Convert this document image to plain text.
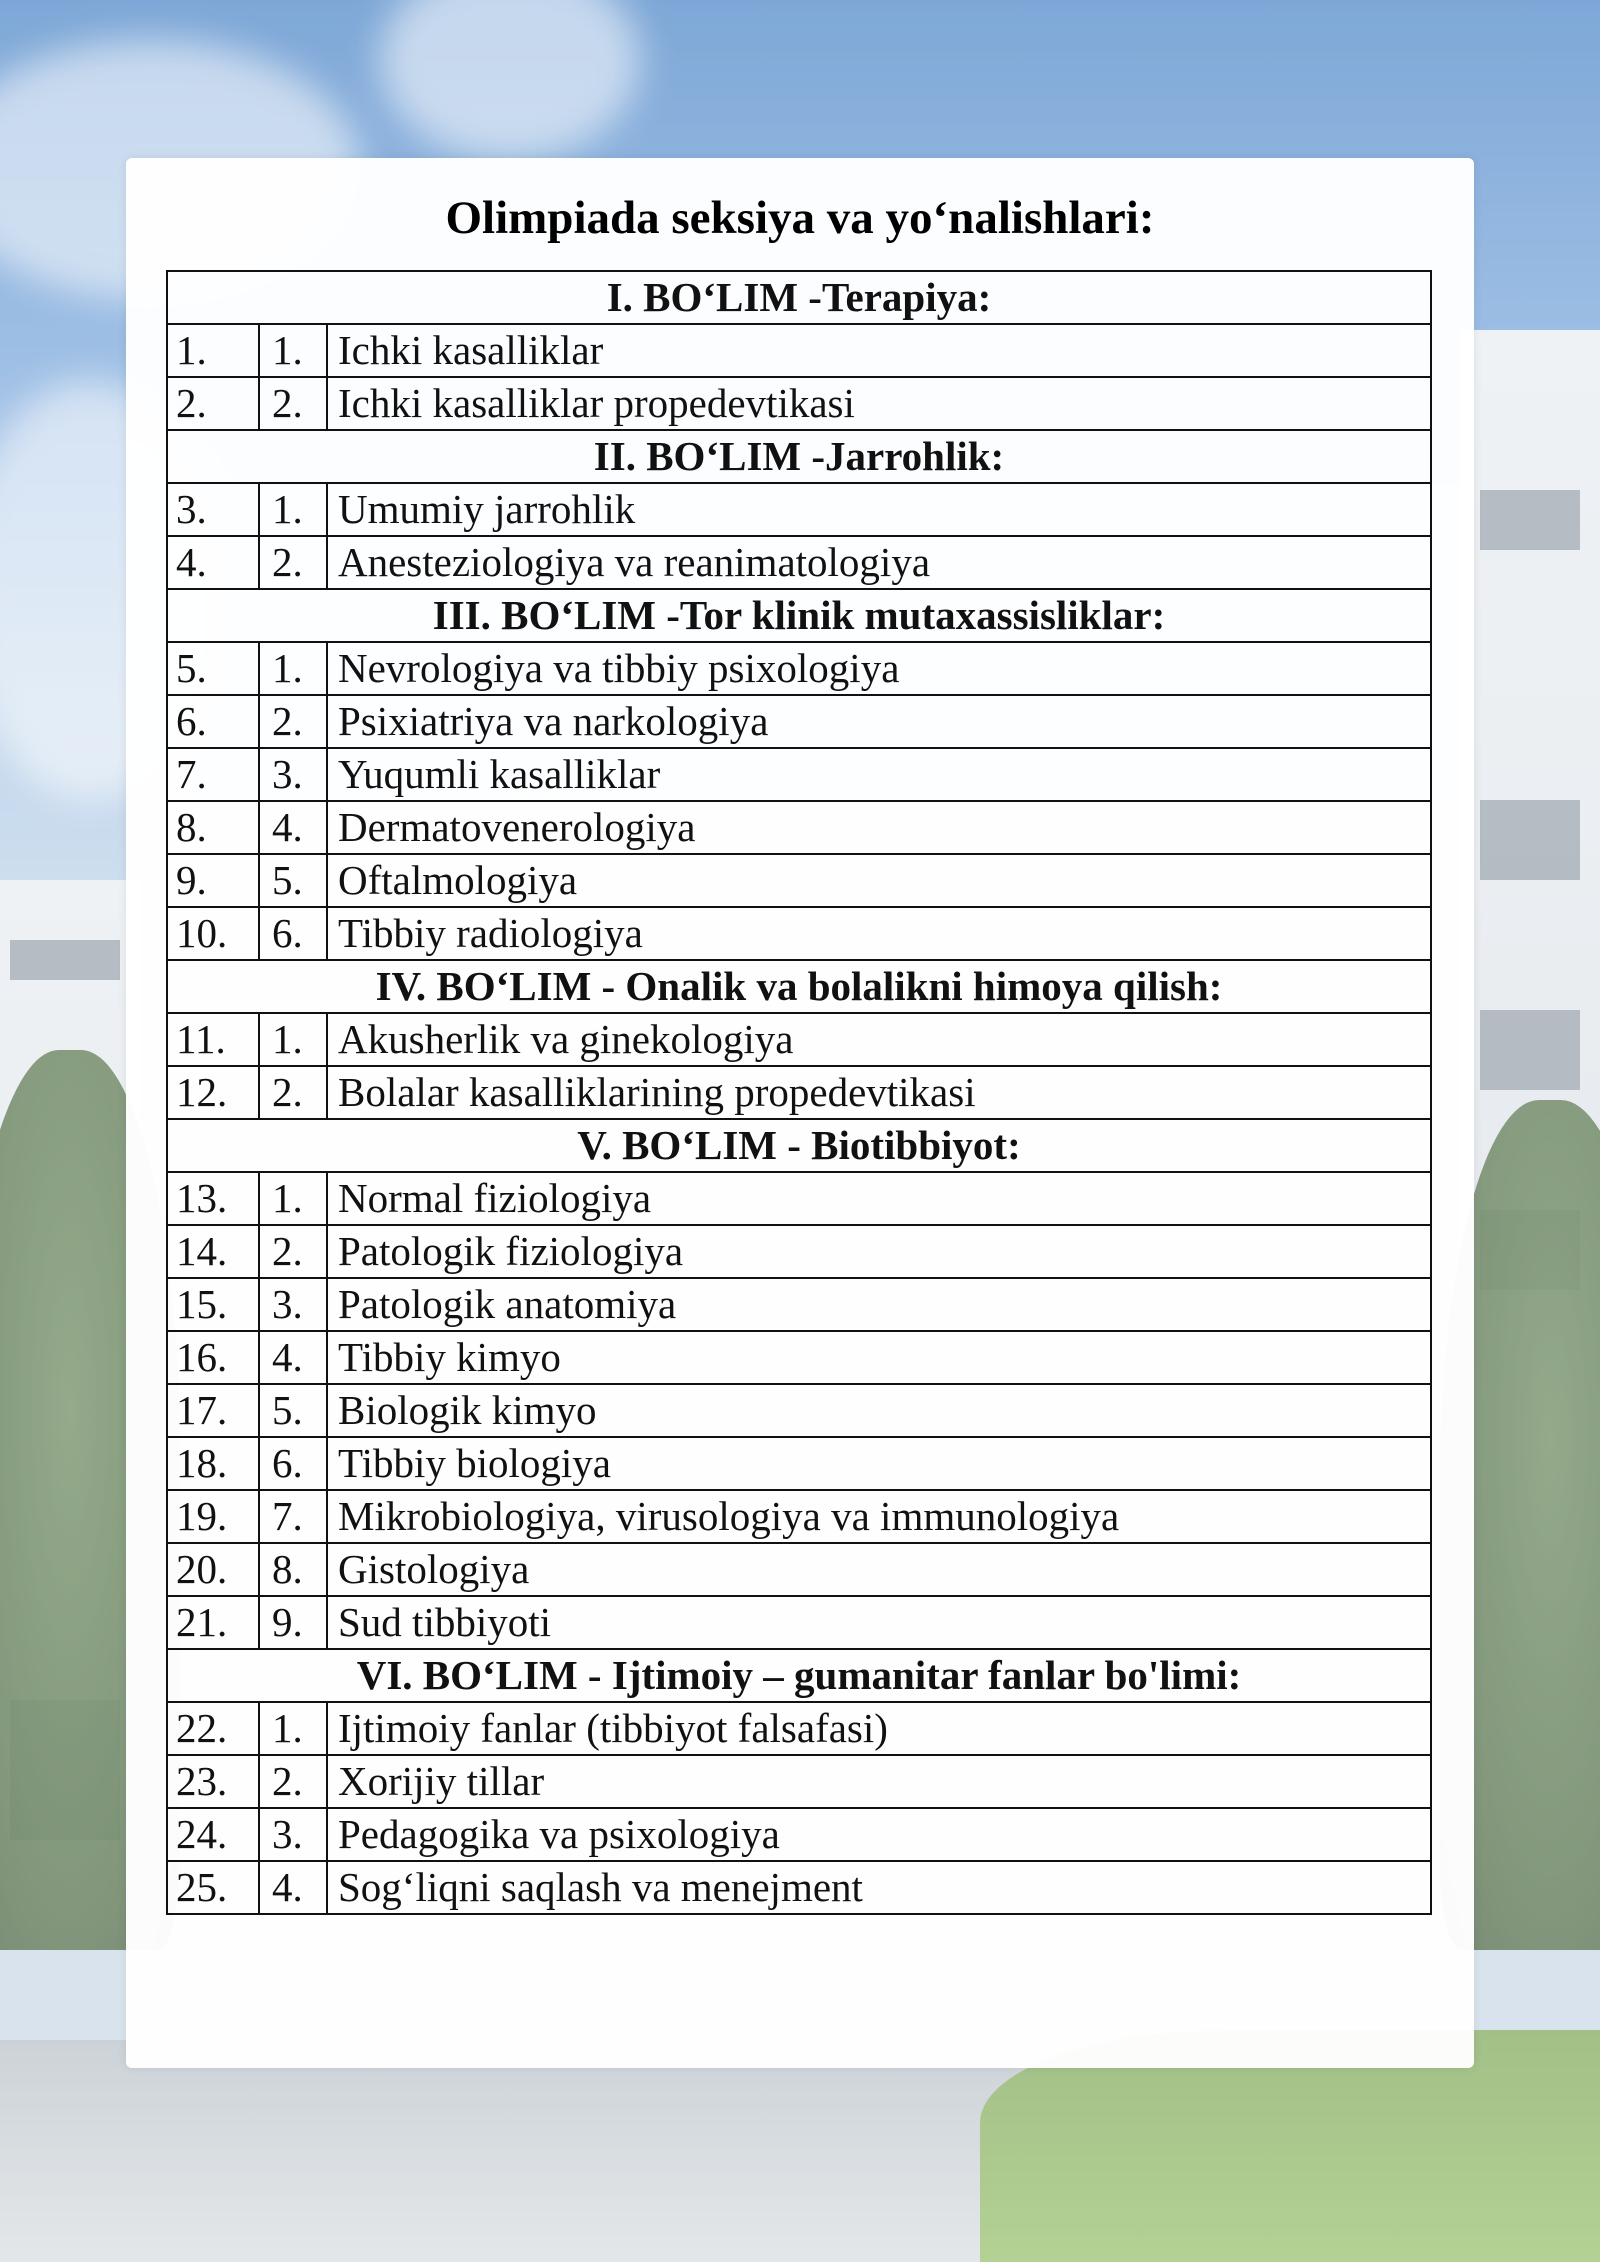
Olimpiada seksiya va yo‘nalishlari:
I. BO‘LIM -Terapiya:		
1.	1.	Ichki kasalliklar
2.	2.	Ichki kasalliklar propedevtikasi
II. BO‘LIM -Jarrohlik:		
3.	1.	Umumiy jarrohlik
4.	2.	Anesteziologiya va reanimatologiya
III. BO‘LIM -Tor klinik mutaxassisliklar:		
5.	1.	Nevrologiya va tibbiy psixologiya
6.	2.	Psixiatriya va narkologiya
7.	3.	Yuqumli kasalliklar
8.	4.	Dermatovenerologiya
9.	5.	Oftalmologiya
10.	6.	Tibbiy radiologiya
IV. BO‘LIM - Onalik va bolalikni himoya qilish:		
11.	1.	Akusherlik va ginekologiya
12.	2.	Bolalar kasalliklarining propedevtikasi
V. BO‘LIM - Biotibbiyot:		
13.	1.	Normal fiziologiya
14.	2.	Patologik fiziologiya
15.	3.	Patologik anatomiya
16.	4.	Tibbiy kimyo
17.	5.	Biologik kimyo
18.	6.	Tibbiy biologiya
19.	7.	Mikrobiologiya, virusologiya va immunologiya
20.	8.	Gistologiya
21.	9.	Sud tibbiyoti
VI. BO‘LIM - Ijtimoiy – gumanitar fanlar bo'limi:		
22.	1.	Ijtimoiy fanlar (tibbiyot falsafasi)
23.	2.	Xorijiy tillar
24.	3.	Pedagogika va psixologiya
25.	4.	Sog‘liqni saqlash va menejment
